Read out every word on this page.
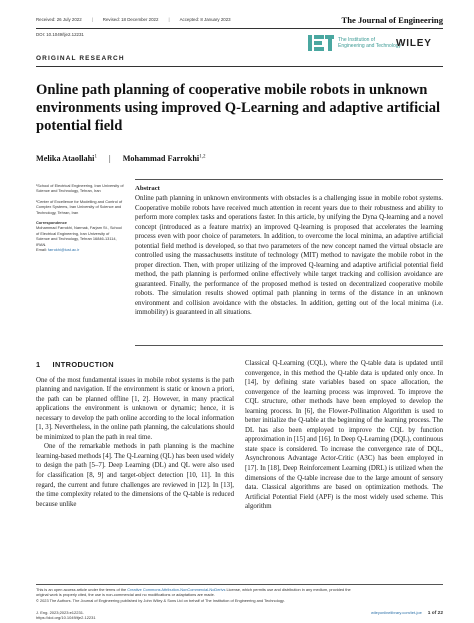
Received: 26 July 2022 | Revised: 18 December 2022 | Accepted: 8 January 2023	The Journal of Engineering
DOI: 10.1049/tje2.12231
The Institution of
Engineering and Technology
WILEY
ORIGINAL RESEARCH
Online path planning of cooperative mobile robots in unknown environments using improved Q-Learning and adaptive artificial potential field
Melika Ataollahi$^1$ | Mohammad Farrokhi$^{1,2}$

¹School of Electrical Engineering, Iran University of Science and Technology, Tehran, Iran

²Center of Excellence for Modelling and Control of Complex Systems, Iran University of Science and Technology, Tehran, Iran

Correspondence

Mohammad Farrokhi, Narmak, Farjam St., School of Electrical Engineering, Iran University of Science and Technology, Tehran 16846-13114, IRAN.

Email: farrokhi@iust.ac.ir

Abstract

Online path planning in unknown environments with obstacles is a challenging issue in mobile robot systems. Cooperative mobile robots have received much attention in recent years due to their robustness and ability to perform more complex tasks and operations faster. In this article, by unifying the Dyna Q-learning and a novel concept (introduced as a feature matrix) an improved Q-learning is proposed that accelerates the learning process even with poor choice of parameters. In addition, to overcome the local minima, an adaptive artificial potential field method is developed, so that two parameters of the new concept named the virtual obstacle are controlled using the massachusetts institute of technology (MIT) method to navigate the mobile robot in the proper direction. Then, with proper utilizing of the improved Q-learning and adaptive artificial potential field method, the path planning is performed online effectively while target tracking and collision avoidance are guaranteed. Finally, the performance of the proposed method is tested on decentralized cooperative mobile robots. The simulation results showed optimal path planning in terms of the distance in an unknown environment and collision avoidance with the obstacles. In addition, getting out of the local minima (i.e. immobility) is guaranteed in all situations.

1 INTRODUCTION

One of the most fundamental issues in mobile robot systems is the path planning and navigation. If the environment is static or known a priori, the path can be planned offline [1, 2]. However, in many practical applications the environment is unknown or dynamic; hence, it is necessary to develop the path online according to the local information [1, 3]. Nevertheless, in the online path planning, the calculations should be minimized to plan the path in real time.

One of the remarkable methods in path planning is the machine learning-based methods [4]. The Q-Learning (QL) has been used widely to design the path [5–7]. Deep Learning (DL) and QL were also used for classification [8, 9] and target-object detection [10, 11]. In this regard, the current and future challenges are reviewed in [12]. In [13], the time complexity related to the dimensions of the Q-table is reduced because unlike

Classical Q-Learning (CQL), where the Q-table data is updated until convergence, in this method the Q-table data is updated only once. In [14], by defining state variables based on space allocation, the convergence of the learning process was improved. To improve the CQL structure, other methods have been employed to develop the learning process. In [6], the Flower-Pollination Algorithm is used to better initialize the Q-table at the beginning of the learning process. The DL has also been employed to improve the CQL by function approximation in [15] and [16]. In Deep Q-Learning (DQL), continuous state space is considered. To increase the convergence rate of DQL, Asynchronous Advantage Actor-Critic (A3C) has been employed in [17]. In [18], Deep Reinforcement Learning (DRL) is utilized when the dimensions of the Q-table increase due to the large amount of sensory data. Classical algorithms are based on optimization methods. The Artificial Potential Field (APF) is the most widely used scheme. This algorithm

This is an open access article under the terms of the Creative Commons Attribution-NonCommercial-NoDerivs License, which permits use and distribution in any medium, provided the
original work is properly cited, the use is non-commercial and no modifications or adaptations are made.
© 2023 The Authors. The Journal of Engineering published by John Wiley & Sons Ltd on behalf of The Institution of Engineering and Technology.
J. Eng. 2023;2023:e12231.
https://doi.org/10.1049/tje2.12231
wileyonlinelibrary.com/iet-joe 1 of 22
